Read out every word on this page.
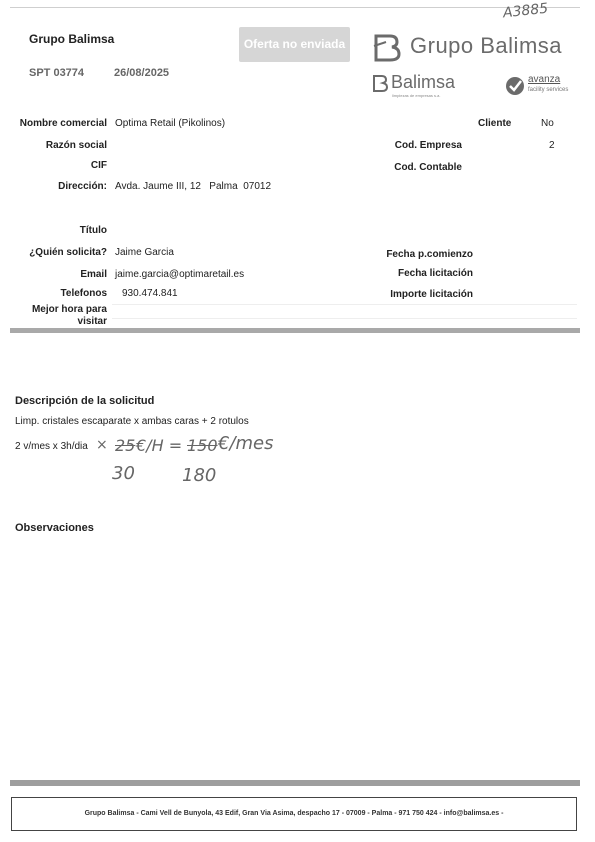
Grupo Balimsa
SPT 03774	26/08/2025
Oferta no enviada
A3885
Grupo Balimsa
Balimsa
limpiezas de empresas s.a.
avanza
facility services
Nombre comercial Optima Retail (Pikolinos)
Razón social
CIF
Dirección: Avda. Jaume III, 12   Palma  07012
Título
¿Quién solicita? Jaime Garcia
Email jaime.garcia@optimaretail.es
Telefonos 930.474.841
Mejor hora para
visitar
Cliente	No
Cod. Empresa	2
Cod. Contable
Fecha p.comienzo
Fecha licitación
Importe licitación
Descripción de la solicitud
Limp. cristales escaparate x ambas caras + 2 rotulos
2 v/mes x 3h/dia × 25 €/H = 150 €/mes
30	180
Observaciones
Grupo Balimsa - Cami Vell de Bunyola, 43 Edif, Gran Via Asima, despacho 17 - 07009 - Palma - 971 750 424 - info@balimsa.es -
